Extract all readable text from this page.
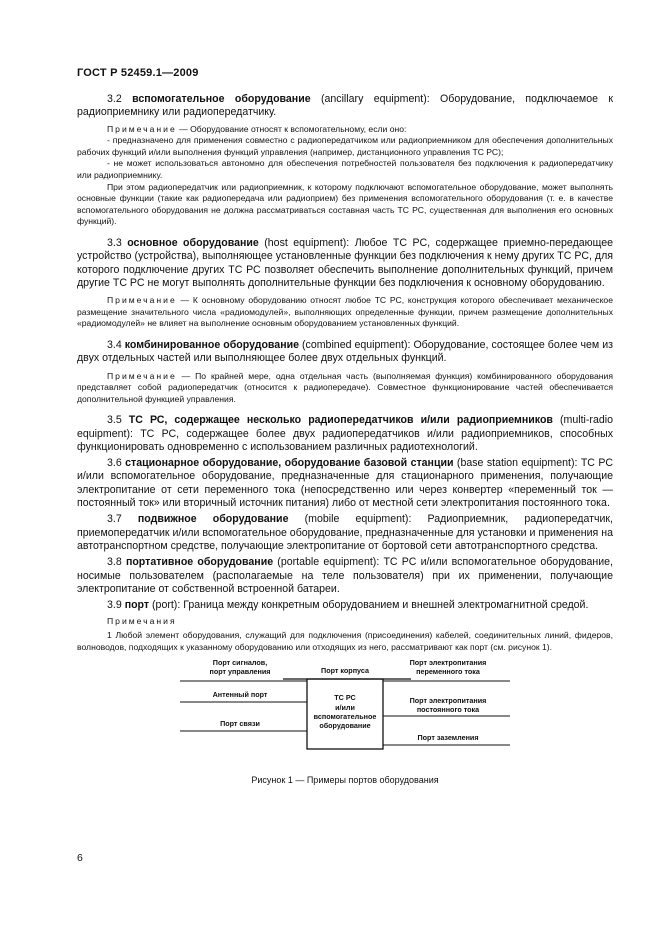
ГОСТ Р 52459.1—2009

3.2 вспомогательное оборудование (ancillary equipment): Оборудование, подключаемое к радиоприемнику или радиопередатчику.

Примечание — Оборудование относят к вспомогательному, если оно:

- предназначено для применения совместно с радиопередатчиком или радиоприемником для обеспечения дополнительных рабочих функций и/или выполнения функций управления (например, дистанционного управления ТС РС);

- не может использоваться автономно для обеспечения потребностей пользователя без подключения к радиопередатчику или радиоприемнику.

При этом радиопередатчик или радиоприемник, к которому подключают вспомогательное оборудование, может выполнять основные функции (такие как радиопередача или радиоприем) без применения вспомогательного оборудования (т. е. в качестве вспомогательного оборудования не должна рассматриваться составная часть ТС РС, существенная для выполнения его основных функций).

3.3 основное оборудование (host equipment): Любое ТС РС, содержащее приемно-передающее устройство (устройства), выполняющее установленные функции без подключения к нему других ТС РС, для которого подключение других ТС РС позволяет обеспечить выполнение дополнительных функций, причем другие ТС РС не могут выполнять дополнительные функции без подключения к основному оборудованию.

Примечание — К основному оборудованию относят любое ТС РС, конструкция которого обеспечивает механическое размещение значительного числа «радиомодулей», выполняющих определенные функции, причем размещение дополнительных «радиомодулей» не влияет на выполнение основным оборудованием установленных функций.

3.4 комбинированное оборудование (combined equipment): Оборудование, состоящее более чем из двух отдельных частей или выполняющее более двух отдельных функций.

Примечание — По крайней мере, одна отдельная часть (выполняемая функция) комбинированного оборудования представляет собой радиопередатчик (относится к радиопередаче). Совместное функционирование частей обеспечивается дополнительной функцией управления.

3.5 ТС РС, содержащее несколько радиопередатчиков и/или радиоприемников (multi-radio equipment): ТС РС, содержащее более двух радиопередатчиков и/или радиоприемников, способных функционировать одновременно с использованием различных радиотехнологий.

3.6 стационарное оборудование, оборудование базовой станции (base station equipment): ТС РС и/или вспомогательное оборудование, предназначенные для стационарного применения, получающие электропитание от сети переменного тока (непосредственно или через конвертер «переменный ток — постоянный ток» или вторичный источник питания) либо от местной сети электропитания постоянного тока.

3.7 подвижное оборудование (mobile equipment): Радиоприемник, радиопередатчик, приемопередатчик и/или вспомогательное оборудование, предназначенные для установки и применения на автотранспортном средстве, получающие электропитание от бортовой сети автотранспортного средства.

3.8 портативное оборудование (portable equipment): ТС РС и/или вспомогательное оборудование, носимые пользователем (располагаемые на теле пользователя) при их применении, получающие электропитание от собственной встроенной батареи.

3.9 порт (port): Граница между конкретным оборудованием и внешней электромагнитной средой.

Примечания

1 Любой элемент оборудования, служащий для подключения (присоединения) кабелей, соединительных линий, фидеров, волноводов, подходящих к указанному оборудованию или отходящих из него, рассматривают как порт (см. рисунок 1).

Порт сигналов,
порт управления
Антенный порт
Порт связи
Порт корпуса
ТС РС
и/или
вспомогательное
оборудование
Порт электропитания
переменного тока
Порт электропитания
постоянного тока
Порт заземления
Рисунок 1 — Примеры портов оборудования
6
